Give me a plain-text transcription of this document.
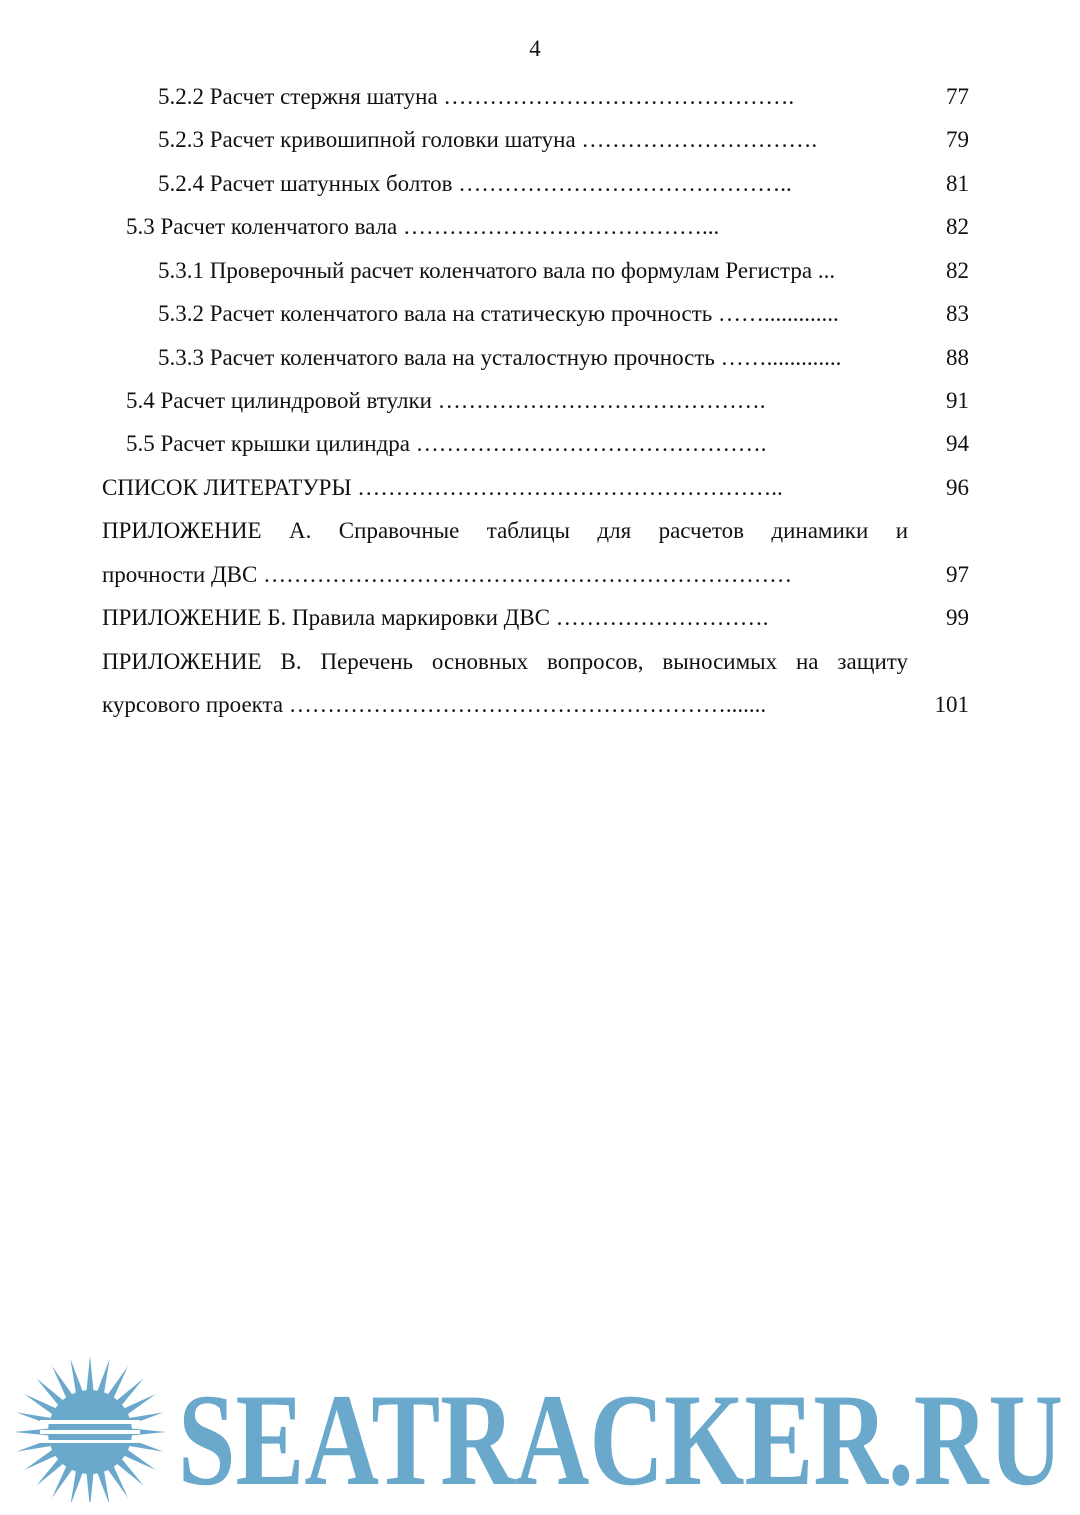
4
5.2.2 Расчет стержня шатуна ……………………………………….	77
5.2.3 Расчет кривошипной головки шатуна ………………………….	79
5.2.4 Расчет шатунных болтов ……………………………………..	81
5.3 Расчет коленчатого вала …………………………………...	82
5.3.1 Проверочный расчет коленчатого вала по формулам Регистра ...	82
5.3.2 Расчет коленчатого вала на статическую прочность …….............	83
5.3.3 Расчет коленчатого вала на усталостную прочность …….............	88
5.4 Расчет цилиндровой втулки …………………………………….	91
5.5 Расчет крышки цилиндра ……………………………………….	94
СПИСОК ЛИТЕРАТУРЫ ………………………………………………..	96
ПРИЛОЖЕНИЕ А. Справочные таблицы для расчетов динамики и
прочности ДВС ……………………………………………………………	97
ПРИЛОЖЕНИЕ Б. Правила маркировки ДВС ……………………….	99
ПРИЛОЖЕНИЕ В. Перечень основных вопросов, выносимых на защиту
курсового проекта ………………………………………………….......	101
SEATRACKER.RU
